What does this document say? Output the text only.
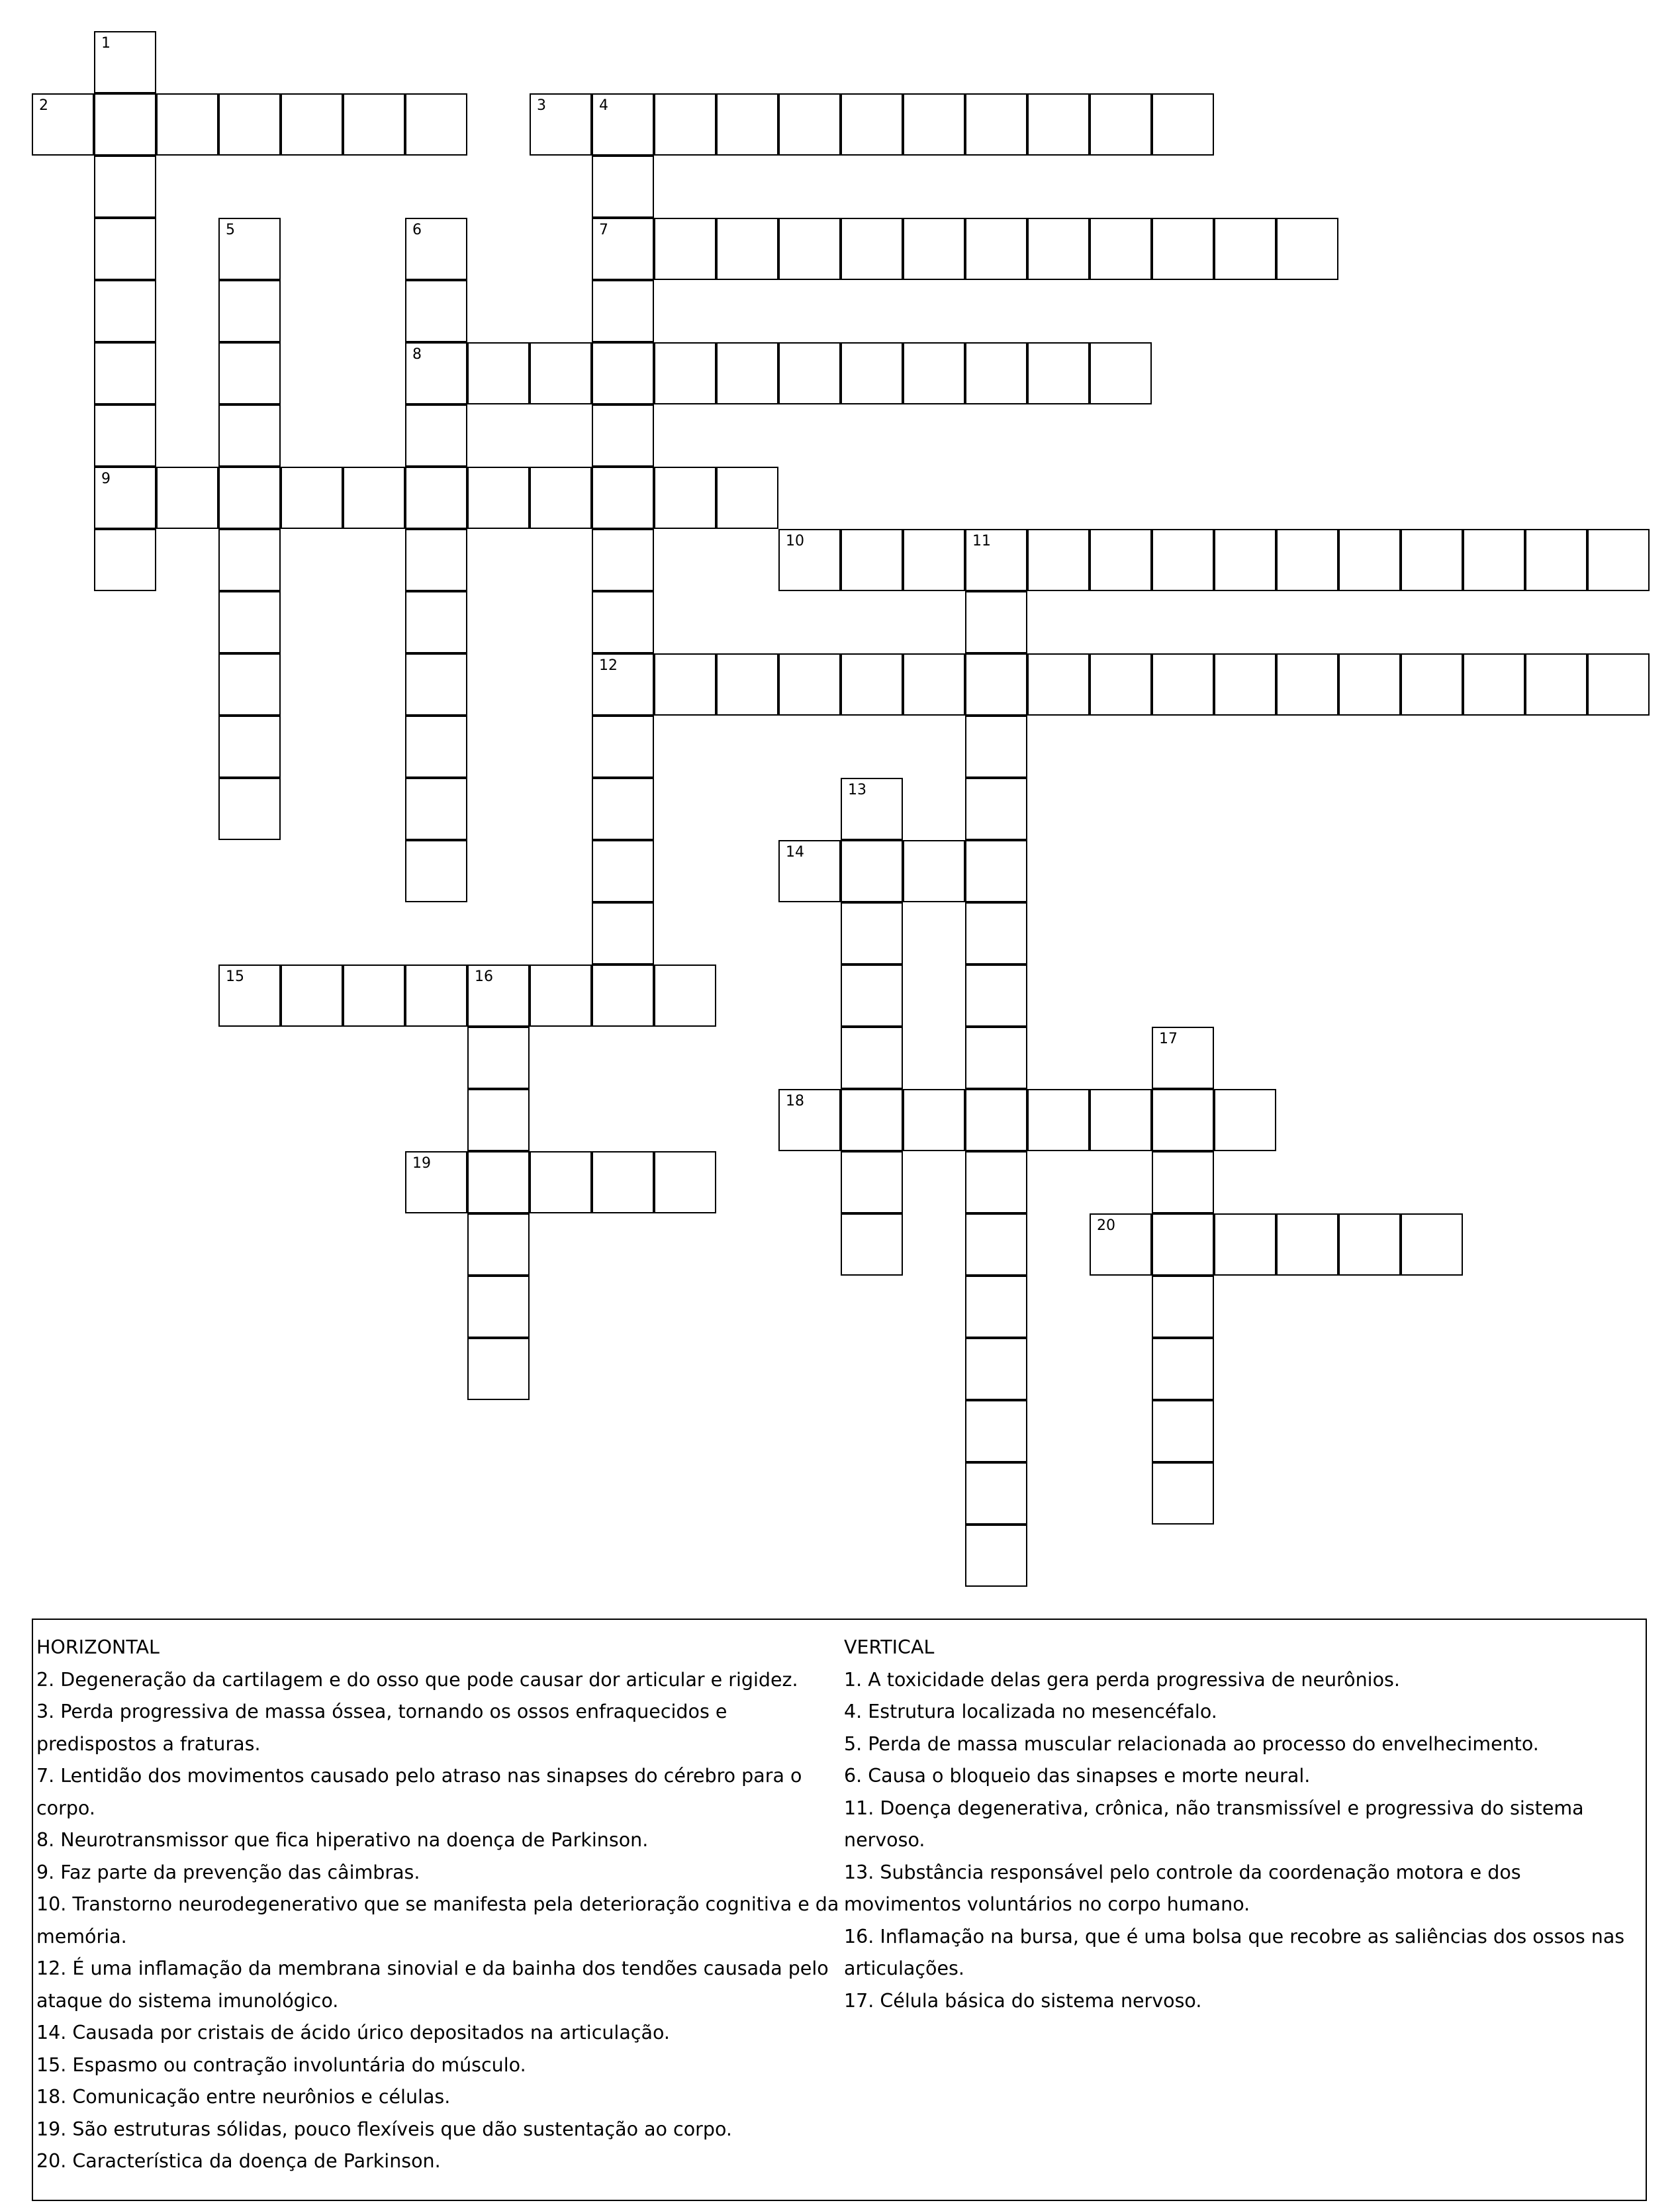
1
9
2	3	4
7
12
5	6
8
10	11
13
14
15	16
17
18
19
20
HORIZONTAL
2. Degeneração da cartilagem e do osso que pode causar dor articular e rigidez.
3. Perda progressiva de massa óssea, tornando os ossos enfraquecidos e predispostos a fraturas.
7. Lentidão dos movimentos causado pelo atraso nas sinapses do cérebro para o corpo.
8. Neurotransmissor que fica hiperativo na doença de Parkinson.
9. Faz parte da prevenção das câimbras.
10. Transtorno neurodegenerativo que se manifesta pela deterioração cognitiva e da memória.
12. É uma inflamação da membrana sinovial e da bainha dos tendões causada pelo ataque do sistema imunológico.
14. Causada por cristais de ácido úrico depositados na articulação.
15. Espasmo ou contração involuntária do músculo.
18. Comunicação entre neurônios e células.
19. São estruturas sólidas, pouco flexíveis que dão sustentação ao corpo.
20. Característica da doença de Parkinson.
VERTICAL
1. A toxicidade delas gera perda progressiva de neurônios.
4. Estrutura localizada no mesencéfalo.
5. Perda de massa muscular relacionada ao processo do envelhecimento.
6. Causa o bloqueio das sinapses e morte neural.
11. Doença degenerativa, crônica, não transmissível e progressiva do sistema nervoso.
13. Substância responsável pelo controle da coordenação motora e dos movimentos voluntários no corpo humano.
16. Inflamação na bursa, que é uma bolsa que recobre as saliências dos ossos nas articulações.
17. Célula básica do sistema nervoso.
